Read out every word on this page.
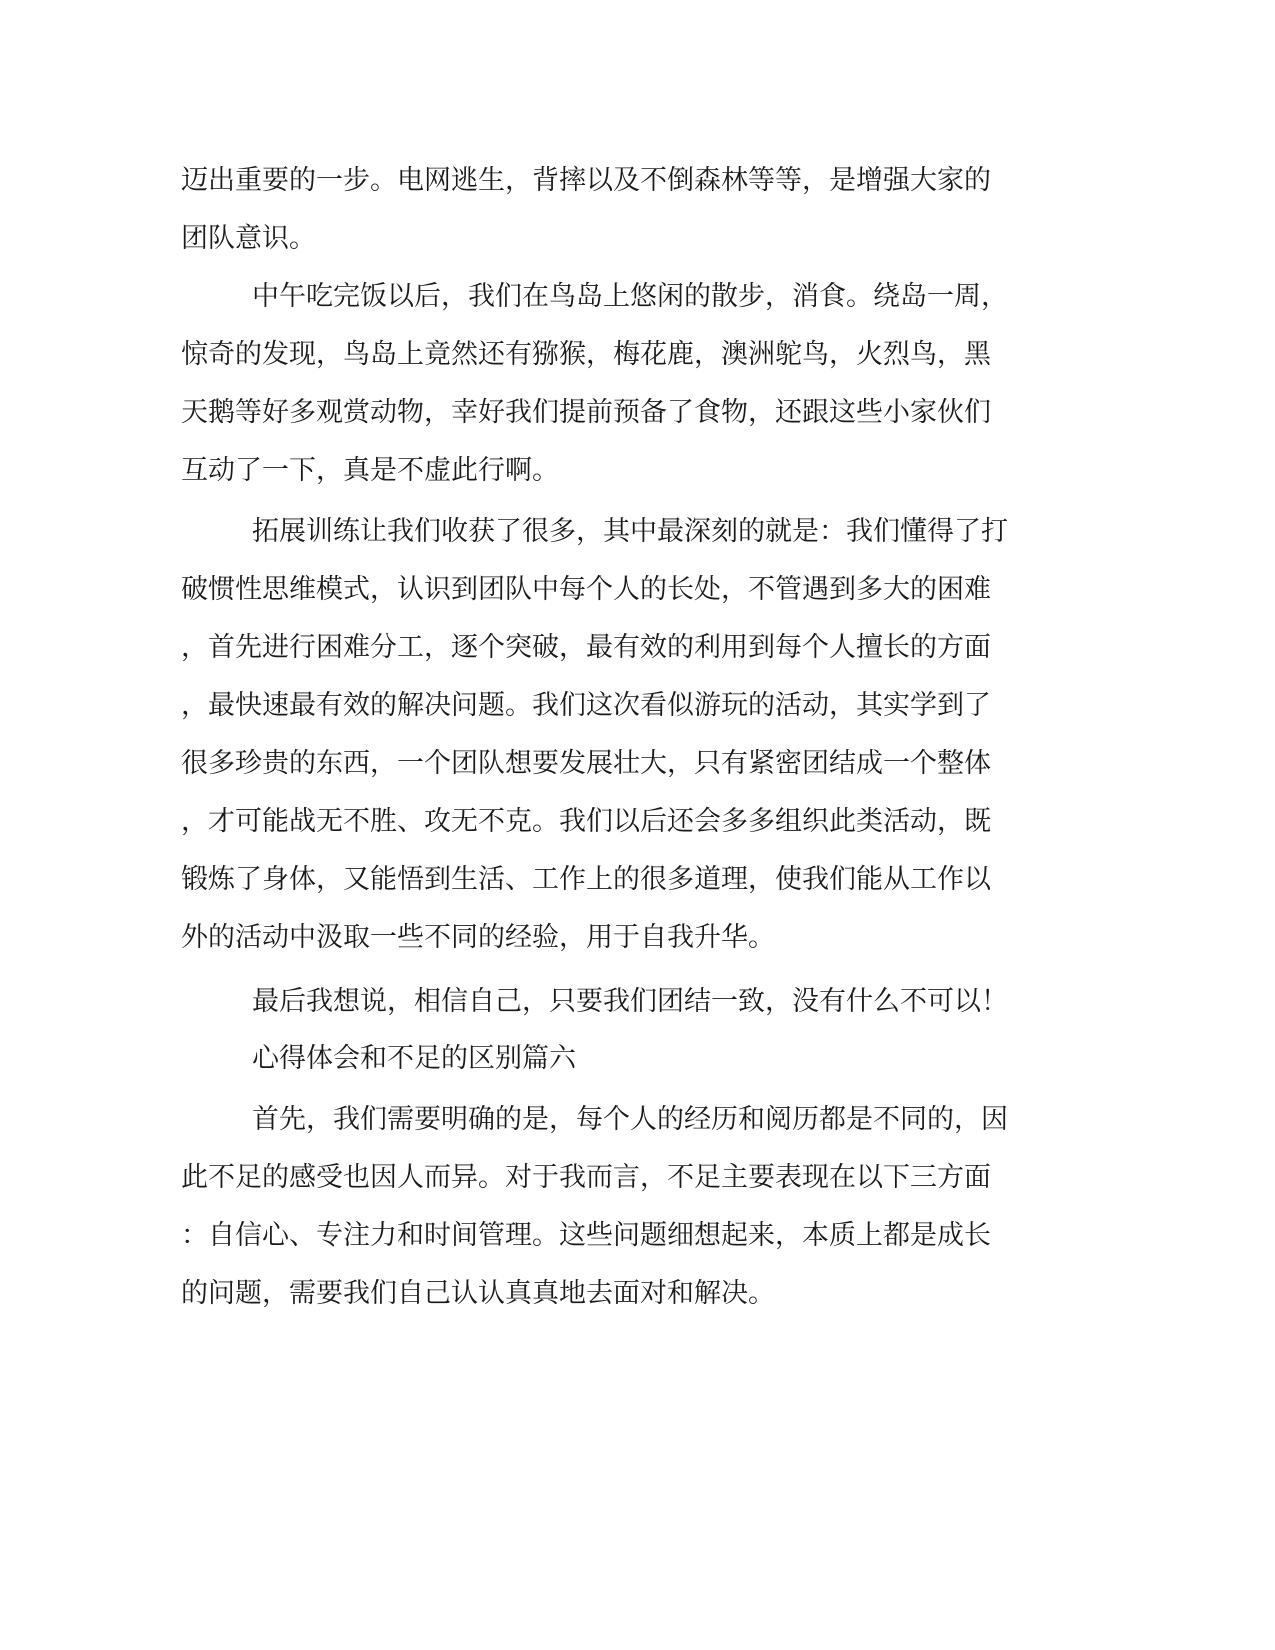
迈出重要的一步。电网逃生，背摔以及不倒森林等等，是增强大家的
团队意识。
中午吃完饭以后，我们在鸟岛上悠闲的散步，消食。绕岛一周，
惊奇的发现，鸟岛上竟然还有猕猴，梅花鹿，澳洲鸵鸟，火烈鸟，黑
天鹅等好多观赏动物，幸好我们提前预备了食物，还跟这些小家伙们
互动了一下，真是不虚此行啊。
拓展训练让我们收获了很多，其中最深刻的就是：我们懂得了打
破惯性思维模式，认识到团队中每个人的长处，不管遇到多大的困难
，首先进行困难分工，逐个突破，最有效的利用到每个人擅长的方面
，最快速最有效的解决问题。我们这次看似游玩的活动，其实学到了
很多珍贵的东西，一个团队想要发展壮大，只有紧密团结成一个整体
，才可能战无不胜、攻无不克。我们以后还会多多组织此类活动，既
锻炼了身体，又能悟到生活、工作上的很多道理，使我们能从工作以
外的活动中汲取一些不同的经验，用于自我升华。
最后我想说，相信自己，只要我们团结一致，没有什么不可以！
心得体会和不足的区别篇六
首先，我们需要明确的是，每个人的经历和阅历都是不同的，因
此不足的感受也因人而异。对于我而言，不足主要表现在以下三方面
：自信心、专注力和时间管理。这些问题细想起来，本质上都是成长
的问题，需要我们自己认认真真地去面对和解决。
